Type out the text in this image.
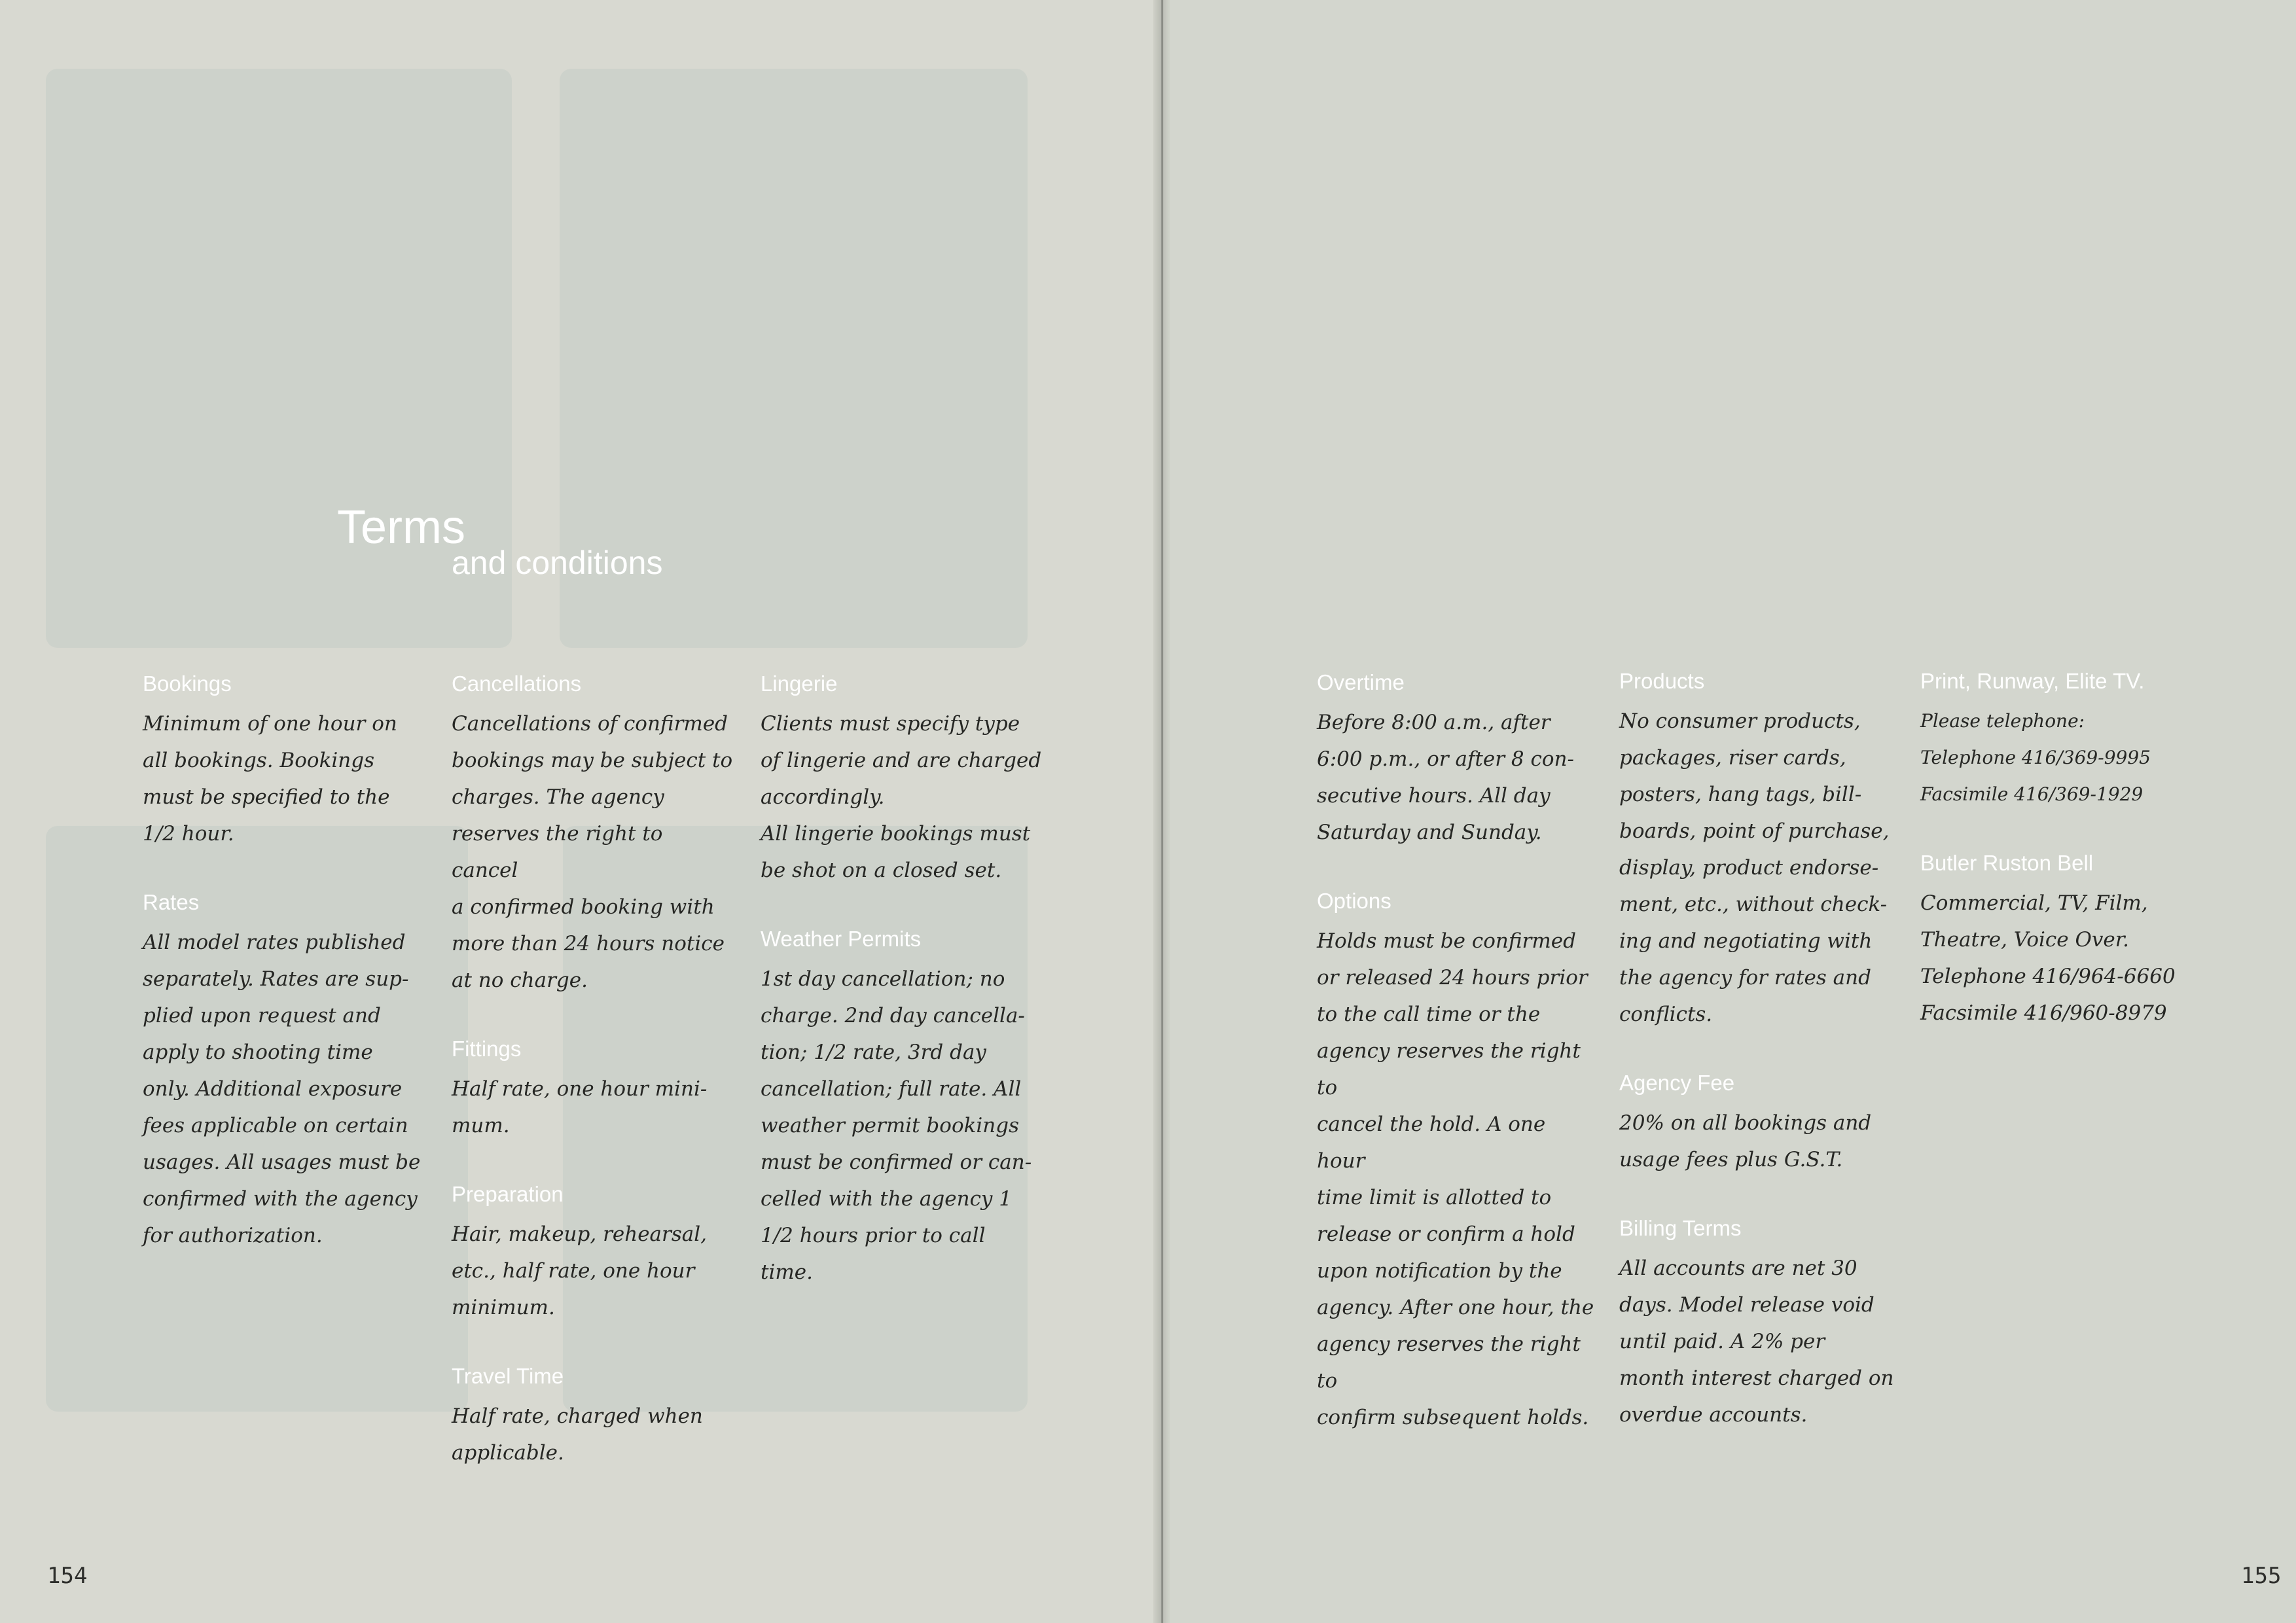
Terms
and conditions
Bookings

Minimum of one hour on
all bookings. Bookings
must be specified to the
1/2 hour.

Rates

All model rates published
separately. Rates are sup-
plied upon request and
apply to shooting time
only. Additional exposure
fees applicable on certain
usages. All usages must be
confirmed with the agency
for authorization.

Cancellations

Cancellations of confirmed
bookings may be subject to
charges. The agency
reserves the right to cancel
a confirmed booking with
more than 24 hours notice
at no charge.

Fittings

Half rate, one hour mini-
mum.

Preparation

Hair, makeup, rehearsal,
etc., half rate, one hour
minimum.

Travel Time

Half rate, charged when
applicable.

Lingerie

Clients must specify type
of lingerie and are charged
accordingly.
All lingerie bookings must
be shot on a closed set.

Weather Permits

1st day cancellation; no
charge. 2nd day cancella-
tion; 1/2 rate, 3rd day
cancellation; full rate. All
weather permit bookings
must be confirmed or can-
celled with the agency 1
1/2 hours prior to call
time.

Overtime

Before 8:00 a.m., after
6:00 p.m., or after 8 con-
secutive hours. All day
Saturday and Sunday.

Options

Holds must be confirmed
or released 24 hours prior
to the call time or the
agency reserves the right to
cancel the hold. A one hour
time limit is allotted to
release or confirm a hold
upon notification by the
agency. After one hour, the
agency reserves the right to
confirm subsequent holds.

Products

No consumer products,
packages, riser cards,
posters, hang tags, bill-
boards, point of purchase,
display, product endorse-
ment, etc., without check-
ing and negotiating with
the agency for rates and
conflicts.

Agency Fee

20% on all bookings and
usage fees plus G.S.T.

Billing Terms

All accounts are net 30
days. Model release void
until paid. A 2% per
month interest charged on
overdue accounts.

Print, Runway, Elite TV.

Please telephone:
Telephone 416/369-9995
Facsimile 416/369-1929

Butler Ruston Bell

Commercial, TV, Film,
Theatre, Voice Over.
Telephone 416/964-6660
Facsimile 416/960-8979

154	155
